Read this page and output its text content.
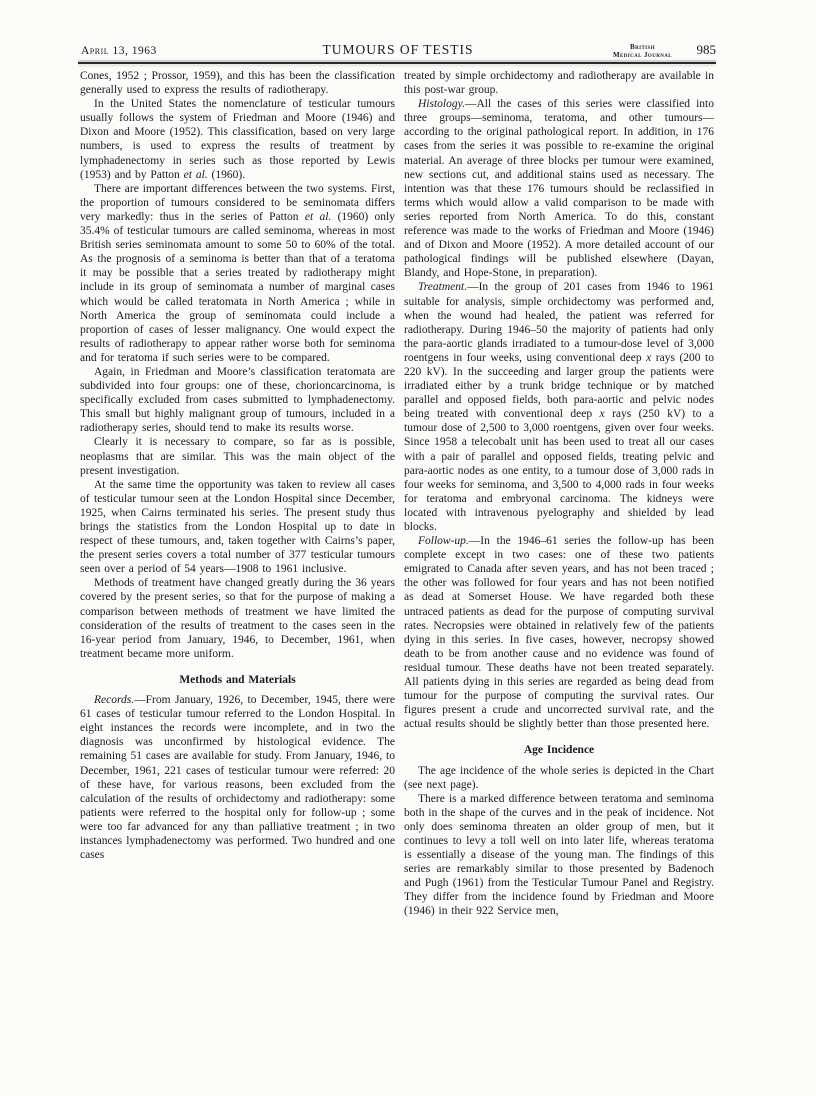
April 13, 1963	TUMOURS OF TESTIS	British
Medical Journal 985

Cones, 1952 ; Prossor, 1959), and this has been the classification generally used to express the results of radiotherapy.

In the United States the nomenclature of testicular tumours usually follows the system of Friedman and Moore (1946) and Dixon and Moore (1952). This classification, based on very large numbers, is used to express the results of treatment by lymphadenectomy in series such as those reported by Lewis (1953) and by Patton et al. (1960).

There are important differences between the two systems. First, the proportion of tumours considered to be seminomata differs very markedly: thus in the series of Patton et al. (1960) only 35.4% of testicular tumours are called seminoma, whereas in most British series seminomata amount to some 50 to 60% of the total. As the prognosis of a seminoma is better than that of a teratoma it may be possible that a series treated by radiotherapy might include in its group of seminomata a number of marginal cases which would be called teratomata in North America ; while in North America the group of seminomata could include a proportion of cases of lesser malignancy. One would expect the results of radiotherapy to appear rather worse both for seminoma and for teratoma if such series were to be compared.

Again, in Friedman and Moore’s classification teratomata are subdivided into four groups: one of these, chorioncarcinoma, is specifically excluded from cases submitted to lymphadenectomy. This small but highly malignant group of tumours, included in a radiotherapy series, should tend to make its results worse.

Clearly it is necessary to compare, so far as is possible, neoplasms that are similar. This was the main object of the present investigation.

At the same time the opportunity was taken to review all cases of testicular tumour seen at the London Hospital since December, 1925, when Cairns terminated his series. The present study thus brings the statistics from the London Hospital up to date in respect of these tumours, and, taken together with Cairns’s paper, the present series covers a total number of 377 testicular tumours seen over a period of 54 years—1908 to 1961 inclusive.

Methods of treatment have changed greatly during the 36 years covered by the present series, so that for the purpose of making a comparison between methods of treatment we have limited the consideration of the results of treatment to the cases seen in the 16-year period from January, 1946, to December, 1961, when treatment became more uniform.

Methods and Materials

Records.—From January, 1926, to December, 1945, there were 61 cases of testicular tumour referred to the London Hospital. In eight instances the records were incomplete, and in two the diagnosis was unconfirmed by histological evidence. The remaining 51 cases are available for study. From January, 1946, to December, 1961, 221 cases of testicular tumour were referred: 20 of these have, for various reasons, been excluded from the calculation of the results of orchidectomy and radiotherapy: some patients were referred to the hospital only for follow-up ; some were too far advanced for any than palliative treatment ; in two instances lymphadenectomy was performed. Two hundred and one cases

treated by simple orchidectomy and radiotherapy are available in this post-war group.

Histology.—All the cases of this series were classified into three groups—seminoma, teratoma, and other tumours—according to the original pathological report. In addition, in 176 cases from the series it was possible to re-examine the original material. An average of three blocks per tumour were examined, new sections cut, and additional stains used as necessary. The intention was that these 176 tumours should be reclassified in terms which would allow a valid comparison to be made with series reported from North America. To do this, constant reference was made to the works of Friedman and Moore (1946) and of Dixon and Moore (1952). A more detailed account of our pathological findings will be published elsewhere (Dayan, Blandy, and Hope-Stone, in preparation).

Treatment.—In the group of 201 cases from 1946 to 1961 suitable for analysis, simple orchidectomy was performed and, when the wound had healed, the patient was referred for radiotherapy. During 1946–50 the majority of patients had only the para-aortic glands irradiated to a tumour-dose level of 3,000 roentgens in four weeks, using conventional deep x rays (200 to 220 kV). In the succeeding and larger group the patients were irradiated either by a trunk bridge technique or by matched parallel and opposed fields, both para-aortic and pelvic nodes being treated with conventional deep x rays (250 kV) to a tumour dose of 2,500 to 3,000 roentgens, given over four weeks. Since 1958 a telecobalt unit has been used to treat all our cases with a pair of parallel and opposed fields, treating pelvic and para-aortic nodes as one entity, to a tumour dose of 3,000 rads in four weeks for seminoma, and 3,500 to 4,000 rads in four weeks for teratoma and embryonal carcinoma. The kidneys were located with intravenous pyelography and shielded by lead blocks.

Follow-up.—In the 1946–61 series the follow-up has been complete except in two cases: one of these two patients emigrated to Canada after seven years, and has not been traced ; the other was followed for four years and has not been notified as dead at Somerset House. We have regarded both these untraced patients as dead for the purpose of computing survival rates. Necropsies were obtained in relatively few of the patients dying in this series. In five cases, however, necropsy showed death to be from another cause and no evidence was found of residual tumour. These deaths have not been treated separately. All patients dying in this series are regarded as being dead from tumour for the purpose of computing the survival rates. Our figures present a crude and uncorrected survival rate, and the actual results should be slightly better than those presented here.

Age Incidence

The age incidence of the whole series is depicted in the Chart (see next page).

There is a marked difference between teratoma and seminoma both in the shape of the curves and in the peak of incidence. Not only does seminoma threaten an older group of men, but it continues to levy a toll well on into later life, whereas teratoma is essentially a disease of the young man. The findings of this series are remarkably similar to those presented by Badenoch and Pugh (1961) from the Testicular Tumour Panel and Registry. They differ from the incidence found by Friedman and Moore (1946) in their 922 Service men,
